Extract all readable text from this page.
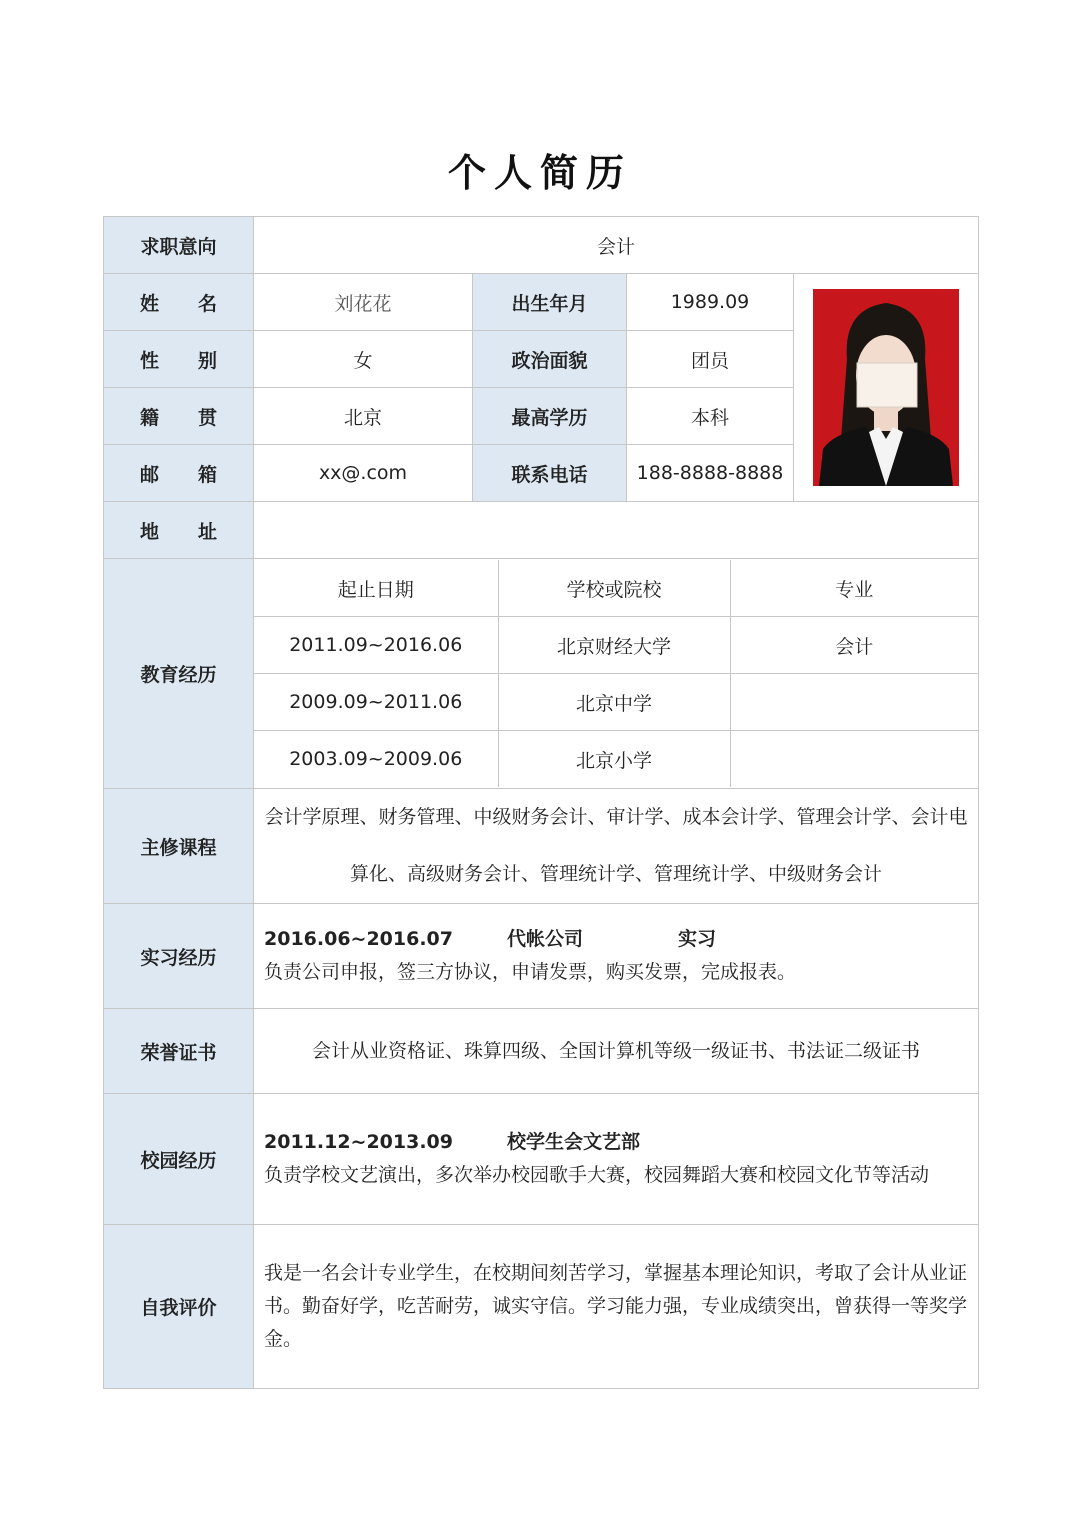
个人简历
求职意向	会计

姓 名	刘花花	出生年月	1989.09	

性 别	女	政治面貌	团员

籍 贯	北京	最高学历	本科

邮 箱	xx@.com	联系电话	188-8888-8888

地 址

教育经历	
起止日期	学校或院校	专业
2011.09~2016.06	北京财经大学	会计
2009.09~2011.06	北京中学	
2003.09~2009.06	北京小学	

主修课程	
会计学原理、财务管理、中级财务会计、审计学、成本会计学、管理会计学、会计电
算化、高级财务会计、管理统计学、管理统计学、中级财务会计

实习经历	
2016.06~2016.07	代帐公司	实习
负责公司申报，签三方协议，申请发票，购买发票，完成报表。

荣誉证书	会计从业资格证、珠算四级、全国计算机等级一级证书、书法证二级证书
校园经历	
2011.12~2013.09	校学生会文艺部
负责学校文艺演出，多次举办校园歌手大赛，校园舞蹈大赛和校园文化节等活动

自我评价	
我是一名会计专业学生，在校期间刻苦学习，掌握基本理论知识，考取了会计从业证
书。勤奋好学，吃苦耐劳，诚实守信。学习能力强，专业成绩突出，曾获得一等奖学
金。
